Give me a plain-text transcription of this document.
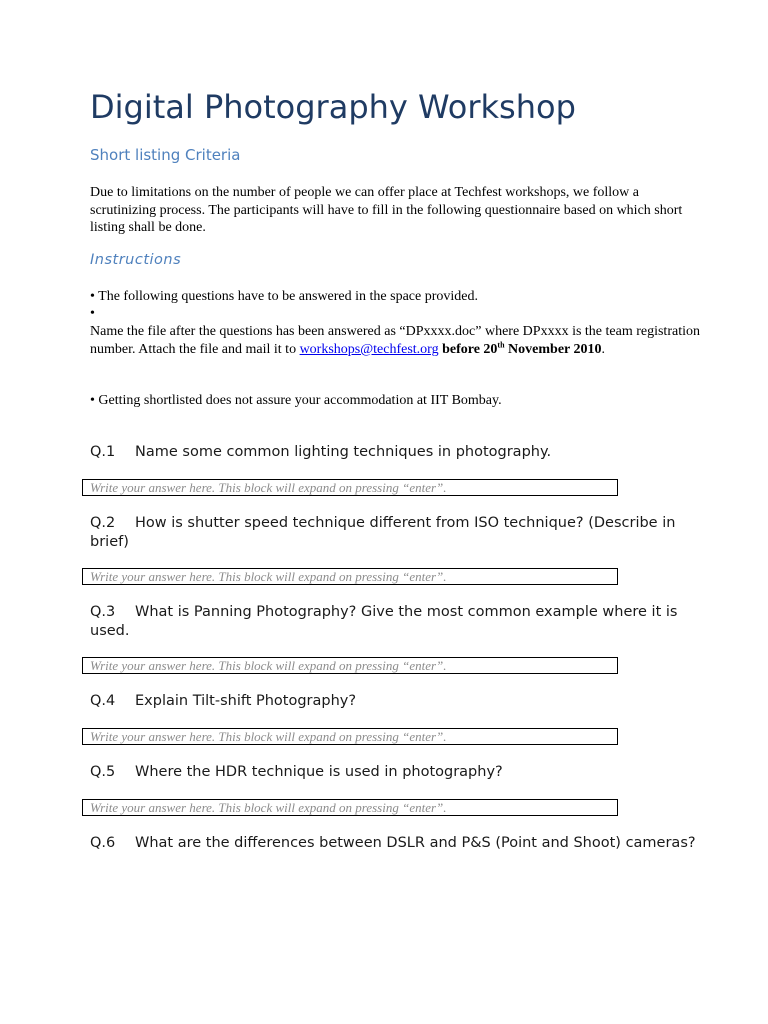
Digital Photography Workshop
Short listing Criteria

Due to limitations on the number of people we can offer place at Techfest workshops, we follow a scrutinizing process. The participants will have to fill in the following questionnaire based on which short listing shall be done.

Instructions
• The following questions have to be answered in the space provided.
•
Name the file after the questions has been answered as “DPxxxx.doc” where DPxxxx is the team registration number. Attach the file and mail it to workshops@techfest.org before 20th November 2010.
• Getting shortlisted does not assure your accommodation at IIT Bombay.

Q.1 Name some common lighting techniques in photography.

Write your answer here. This block will expand on pressing “enter”.

Q.2 How is shutter speed technique different from ISO technique? (Describe in brief)

Write your answer here. This block will expand on pressing “enter”.

Q.3 What is Panning Photography? Give the most common example where it is used.

Write your answer here. This block will expand on pressing “enter”.

Q.4 Explain Tilt-shift Photography?

Write your answer here. This block will expand on pressing “enter”.

Q.5 Where the HDR technique is used in photography?

Write your answer here. This block will expand on pressing “enter”.

Q.6 What are the differences between DSLR and P&S (Point and Shoot) cameras?
